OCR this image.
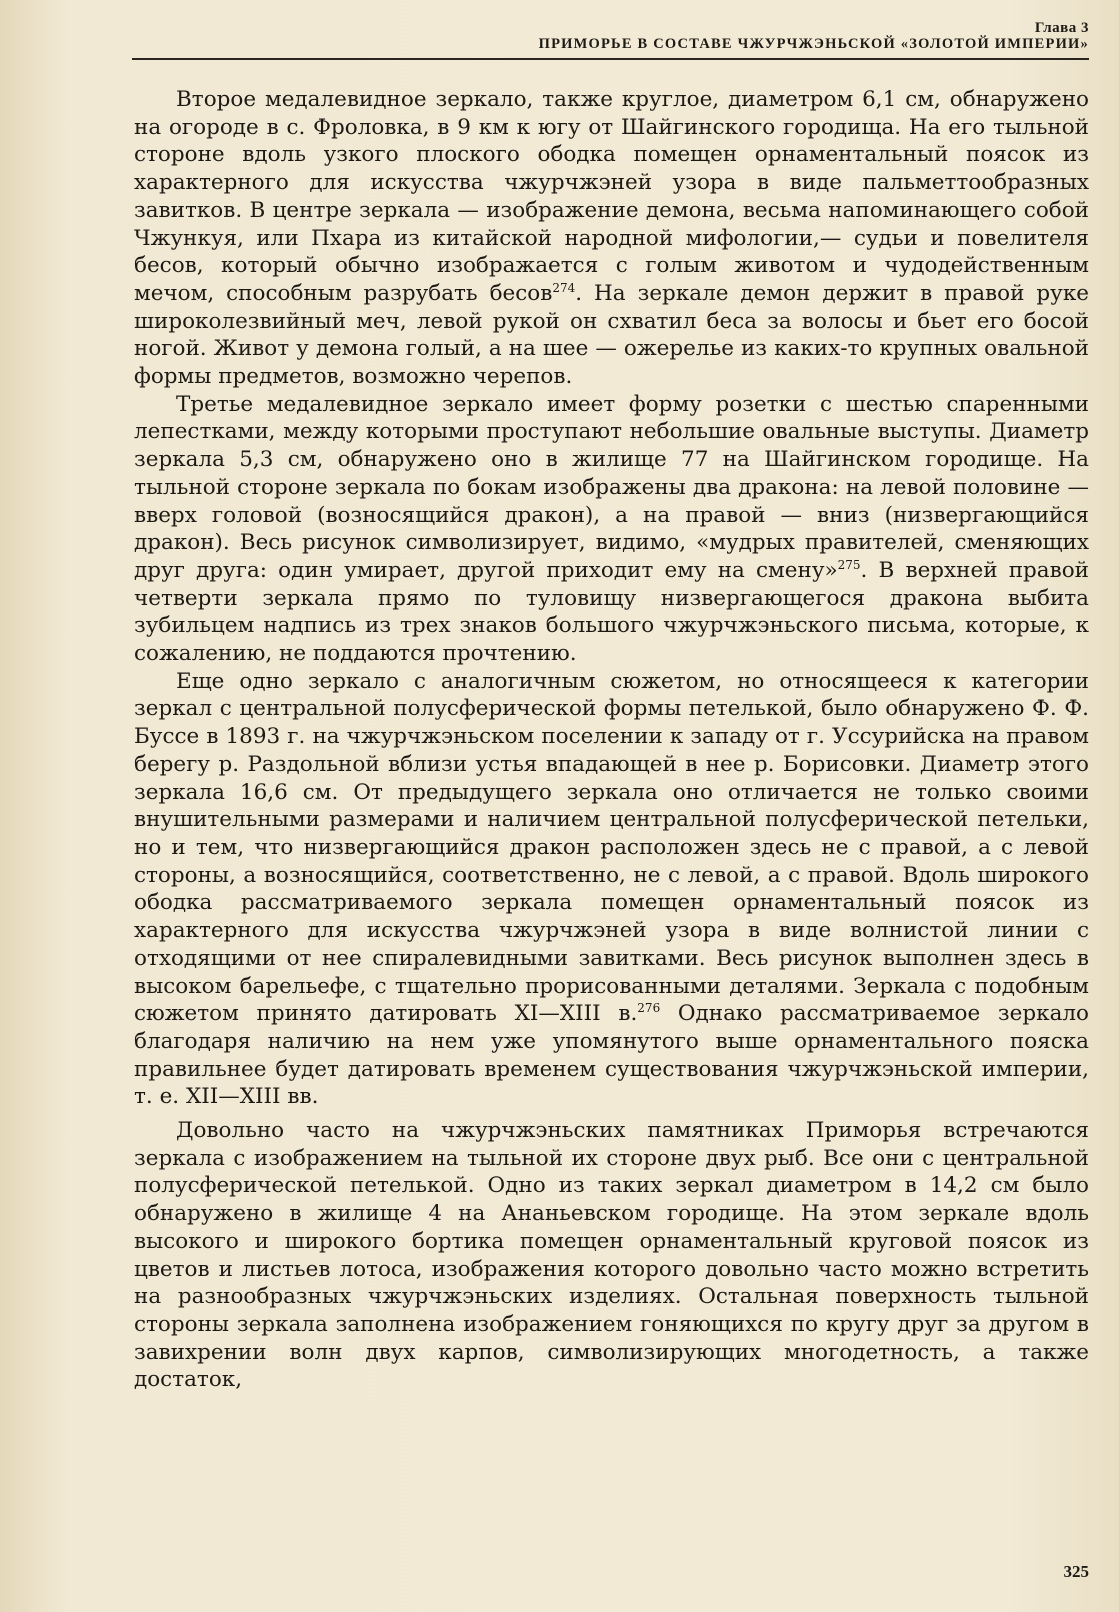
Глава 3
ПРИМОРЬЕ В СОСТАВЕ ЧЖУРЧЖЭНЬСКОЙ «ЗОЛОТОЙ ИМПЕРИИ»

Второе медалевидное зеркало, также круглое, диаметром 6,1 см, обнаружено на огороде в с. Фроловка, в 9 км к югу от Шайгинского городища. На его тыльной стороне вдоль узкого плоского ободка помещен орнаментальный поясок из характерного для искусства чжурчжэней узора в виде пальметтообразных завитков. В центре зеркала — изображение демона, весьма напоминающего собой Чжункуя, или Пхара из китайской народной мифологии,— судьи и повелителя бесов, который обычно изображается с голым животом и чудодейственным мечом, способным разрубать бесов$^{274}$. На зеркале демон держит в правой руке широколезвийный меч, левой рукой он схватил беса за волосы и бьет его босой ногой. Живот у демона голый, а на шее — ожерелье из каких-то крупных овальной формы предметов, возможно черепов.

Третье медалевидное зеркало имеет форму розетки с шестью спаренными лепестками, между которыми проступают небольшие овальные выступы. Диаметр зеркала 5,3 см, обнаружено оно в жилище 77 на Шайгинском городище. На тыльной стороне зеркала по бокам изображены два дракона: на левой половине — вверх головой (возносящийся дракон), а на правой — вниз (низвергающийся дракон). Весь рисунок символизирует, видимо, «мудрых правителей, сменяющих друг друга: один умирает, другой приходит ему на смену»$^{275}$. В верхней правой четверти зеркала прямо по туловищу низвергающегося дракона выбита зубильцем надпись из трех знаков большого чжурчжэньского письма, которые, к сожалению, не поддаются прочтению.

Еще одно зеркало с аналогичным сюжетом, но относящееся к категории зеркал с центральной полусферической формы петелькой, было обнаружено Ф. Ф. Буссе в 1893 г. на чжурчжэньском поселении к западу от г. Уссурийска на правом берегу р. Раздольной вблизи устья впадающей в нее р. Борисовки. Диаметр этого зеркала 16,6 см. От предыдущего зеркала оно отличается не только своими внушительными размерами и наличием центральной полусферической петельки, но и тем, что низвергающийся дракон расположен здесь не с правой, а с левой стороны, а возносящийся, соответственно, не с левой, а с правой. Вдоль широкого ободка рассматриваемого зеркала помещен орнаментальный поясок из характерного для искусства чжурчжэней узора в виде волнистой линии с отходящими от нее спиралевидными завитками. Весь рисунок выполнен здесь в высоком барельефе, с тщательно прорисованными деталями. Зеркала с подобным сюжетом принято датировать XI—XIII в.$^{276}$ Однако рассматриваемое зеркало благодаря наличию на нем уже упомянутого выше орнаментального пояска правильнее будет датировать временем существования чжурчжэньской империи, т. е. XII—XIII вв.

Довольно часто на чжурчжэньских памятниках Приморья встречаются зеркала с изображением на тыльной их стороне двух рыб. Все они с центральной полусферической петелькой. Одно из таких зеркал диаметром в 14,2 см было обнаружено в жилище 4 на Ананьевском городище. На этом зеркале вдоль высокого и широкого бортика помещен орнаментальный круговой поясок из цветов и листьев лотоса, изображения которого довольно часто можно встретить на разнообразных чжурчжэньских изделиях. Остальная поверхность тыльной стороны зеркала заполнена изображением гоняющихся по кругу друг за другом в завихрении волн двух карпов, символизирующих многодетность, а также достаток,

325
